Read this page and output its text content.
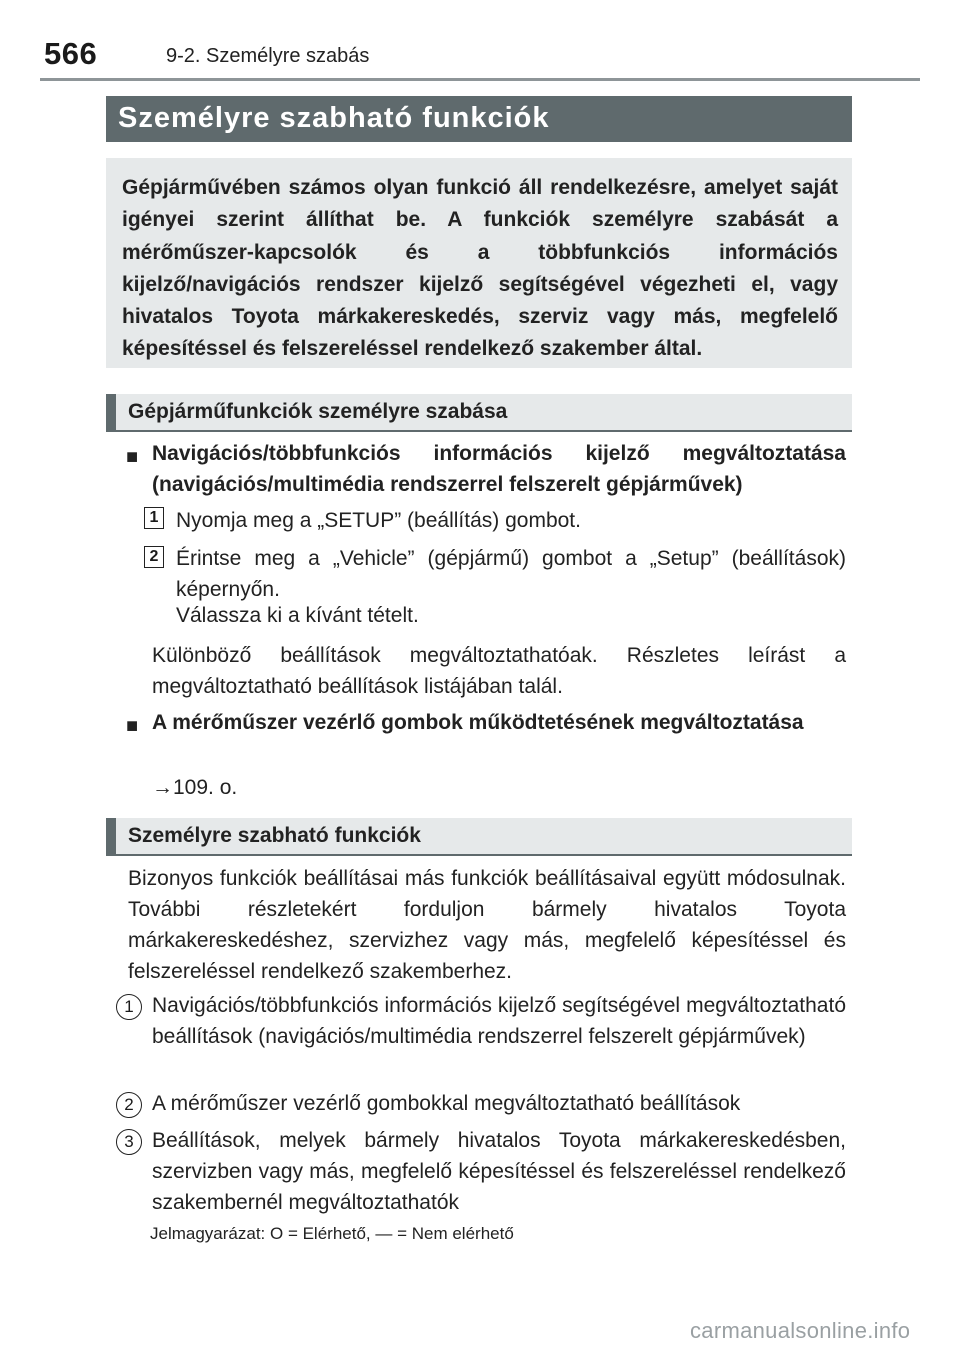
566	9-2. Személyre szabás
Személyre szabható funkciók

Gépjárművében számos olyan funkció áll rendelkezésre, amelyet saját igényei szerint állíthat be. A funkciók személyre szabását a mérőműszer-kapcsolók és a többfunkciós információs kijelző/navigációs rendszer kijelző segítségével végezheti el, vagy hivatalos Toyota márkakereskedés, szerviz vagy más, megfelelő képesítéssel és felszereléssel rendelkező szakember által.

Gépjárműfunkciók személyre szabása
■ Navigációs/többfunkciós információs kijelző megváltoztatása (navigációs/multimédia rendszerrel felszerelt gépjárművek)
1 Nyomja meg a „SETUP” (beállítás) gombot.
2 Érintse meg a „Vehicle” (gépjármű) gombot a „Setup” (beállítások) képernyőn.
Válassza ki a kívánt tételt.
Különböző beállítások megváltoztathatóak. Részletes leírást a megváltoztatható beállítások listájában talál.
■ A mérőműszer vezérlő gombok működtetésének megváltoztatása
→109. o.
Személyre szabható funkciók
Bizonyos funkciók beállításai más funkciók beállításaival együtt módosulnak. További részletekért forduljon bármely hivatalos Toyota márkakereskedéshez, szervizhez vagy más, megfelelő képesítéssel és felszereléssel rendelkező szakemberhez.
1 Navigációs/többfunkciós információs kijelző segítségével megváltoztatható beállítások (navigációs/multimédia rendszerrel felszerelt gépjárművek)
2 A mérőműszer vezérlő gombokkal megváltoztatható beállítások
3 Beállítások, melyek bármely hivatalos Toyota márkakereskedésben, szervizben vagy más, megfelelő képesítéssel és felszereléssel rendelkező szakembernél megváltoztathatók
Jelmagyarázat: O = Elérhető, — = Nem elérhető
carmanualsonline.info
